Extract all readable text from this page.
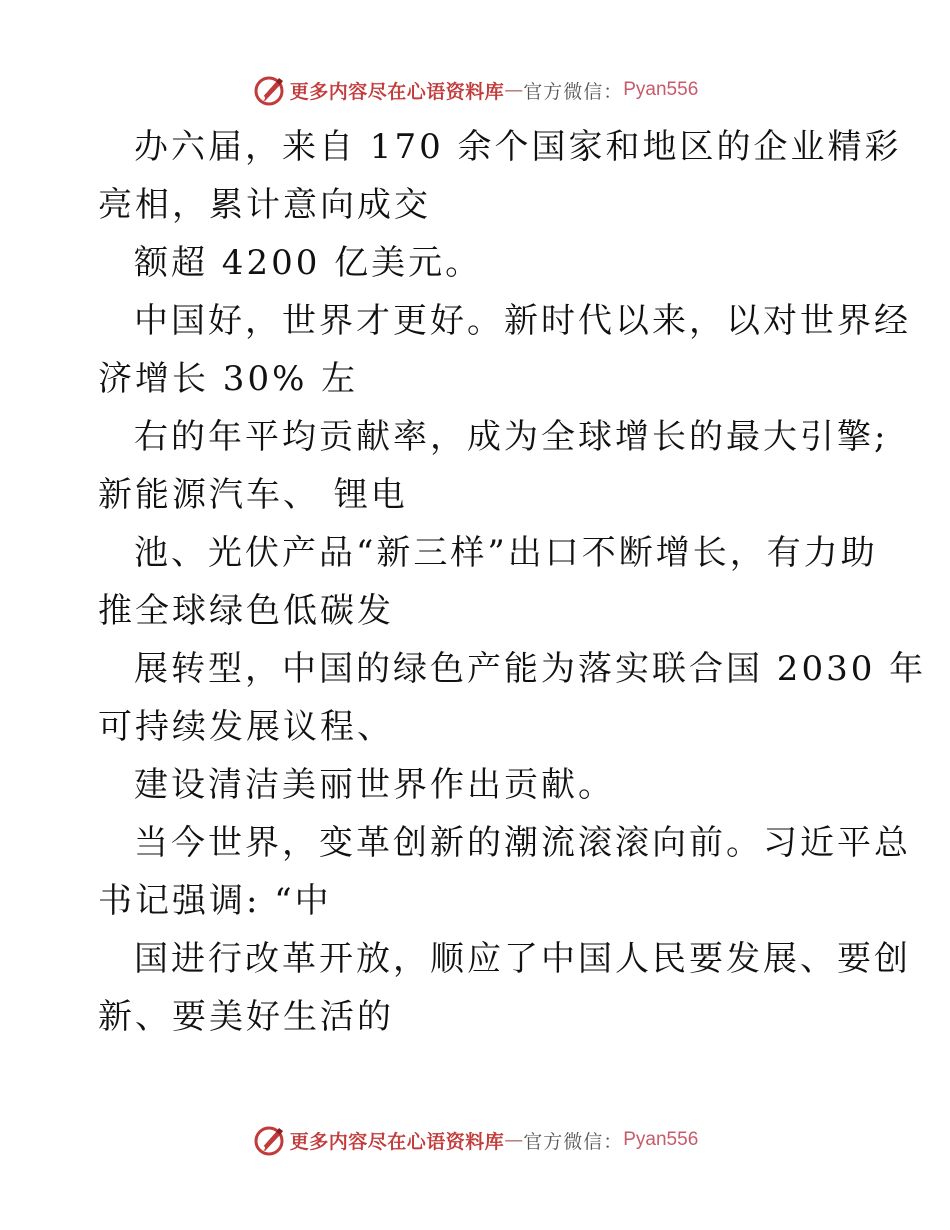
更多内容尽在心语资料库 — 官方微信： Pyan556
办六届，来自 170 余个国家和地区的企业精彩
亮相，累计意向成交
额超 4200 亿美元。
中国好，世界才更好。新时代以来，以对世界经
济增长 30% 左
右的年平均贡献率，成为全球增长的最大引擎;
新能源汽车、 锂电
池、光伏产品“新三样”出口不断增长，有力助
推全球绿色低碳发
展转型，中国的绿色产能为落实联合国 2030 年
可持续发展议程、
建设清洁美丽世界作出贡献。
当今世界，变革创新的潮流滚滚向前。习近平总
书记强调: “中
国进行改革开放，顺应了中国人民要发展、要创
新、要美好生活的
更多内容尽在心语资料库 — 官方微信： Pyan556
